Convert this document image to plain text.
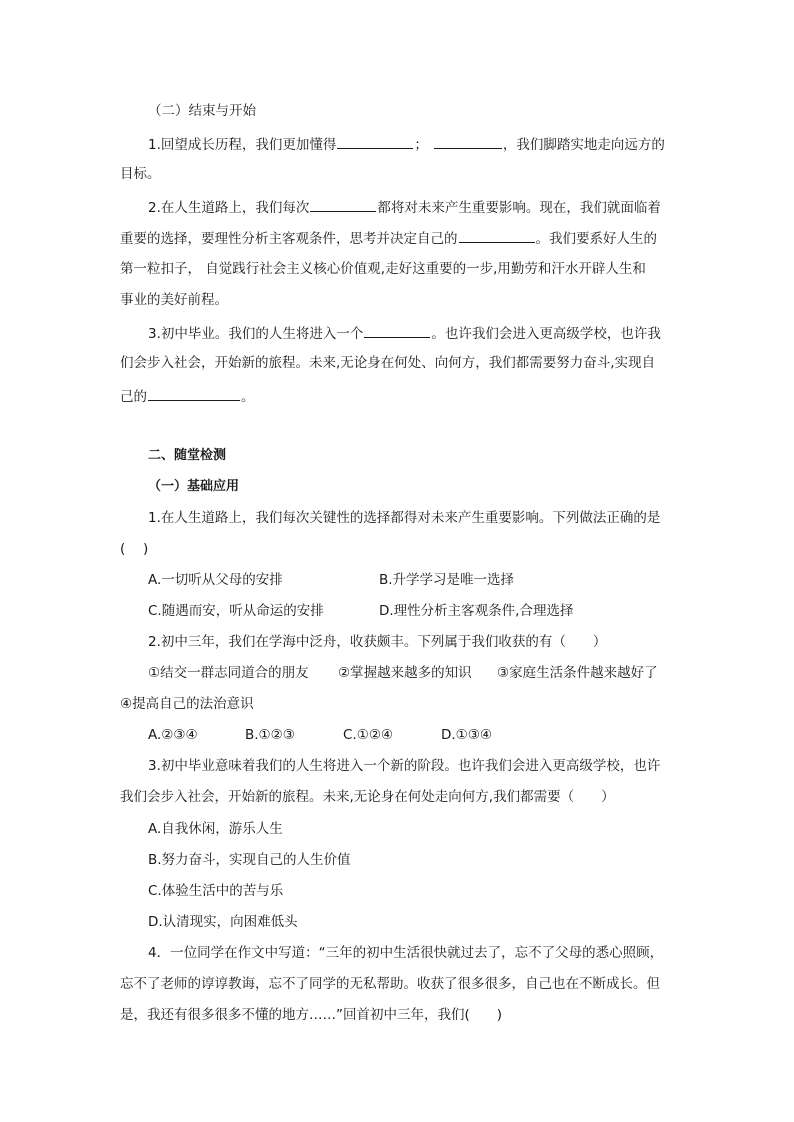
（二）结束与开始
1.回望成长历程，我们更加懂得	；	，我们脚踏实地走向远方的
目标。
2.在人生道路上，我们每次	都将对未来产生重要影响。现在，我们就面临着
重要的选择，要理性分析主客观条件，思考并决定自己的	。我们要系好人生的
第一粒扣子， 自觉践行社会主义核心价值观,走好这重要的一步,用勤劳和汗水开辟人生和
事业的美好前程。
3.初中毕业。我们的人生将进入一个	。也许我们会进入更高级学校，也许我
们会步入社会，开始新的旅程。未来,无论身在何处、向何方，我们都需要努力奋斗,实现自
己的	。
二、随堂检测
（一）基础应用
1.在人生道路上，我们每次关键性的选择都得对未来产生重要影响。下列做法正确的是
(　 )
A.一切听从父母的安排	B.升学学习是唯一选择
C.随遇而安，听从命运的安排	D.理性分析主客观条件,合理选择
2.初中三年，我们在学海中泛舟，收获颇丰。下列属于我们收获的有（　　）
①结交一群志同道合的朋友 ②掌握越来越多的知识 ③家庭生活条件越来越好了
④提高自己的法治意识
A.②③④	B.①②③	C.①②④	D.①③④
3.初中毕业意味着我们的人生将进入一个新的阶段。也许我们会进入更高级学校，也许
我们会步入社会，开始新的旅程。未来,无论身在何处走向何方,我们都需要（　　）
A.自我休闲，游乐人生
B.努力奋斗，实现自己的人生价值
C.体验生活中的苦与乐
D.认清现实，向困难低头
4．一位同学在作文中写道：“三年的初中生活很快就过去了，忘不了父母的悉心照顾，
忘不了老师的谆谆教诲，忘不了同学的无私帮助。收获了很多很多，自己也在不断成长。但
是，我还有很多很多不懂的地方……”回首初中三年，我们(　　)
